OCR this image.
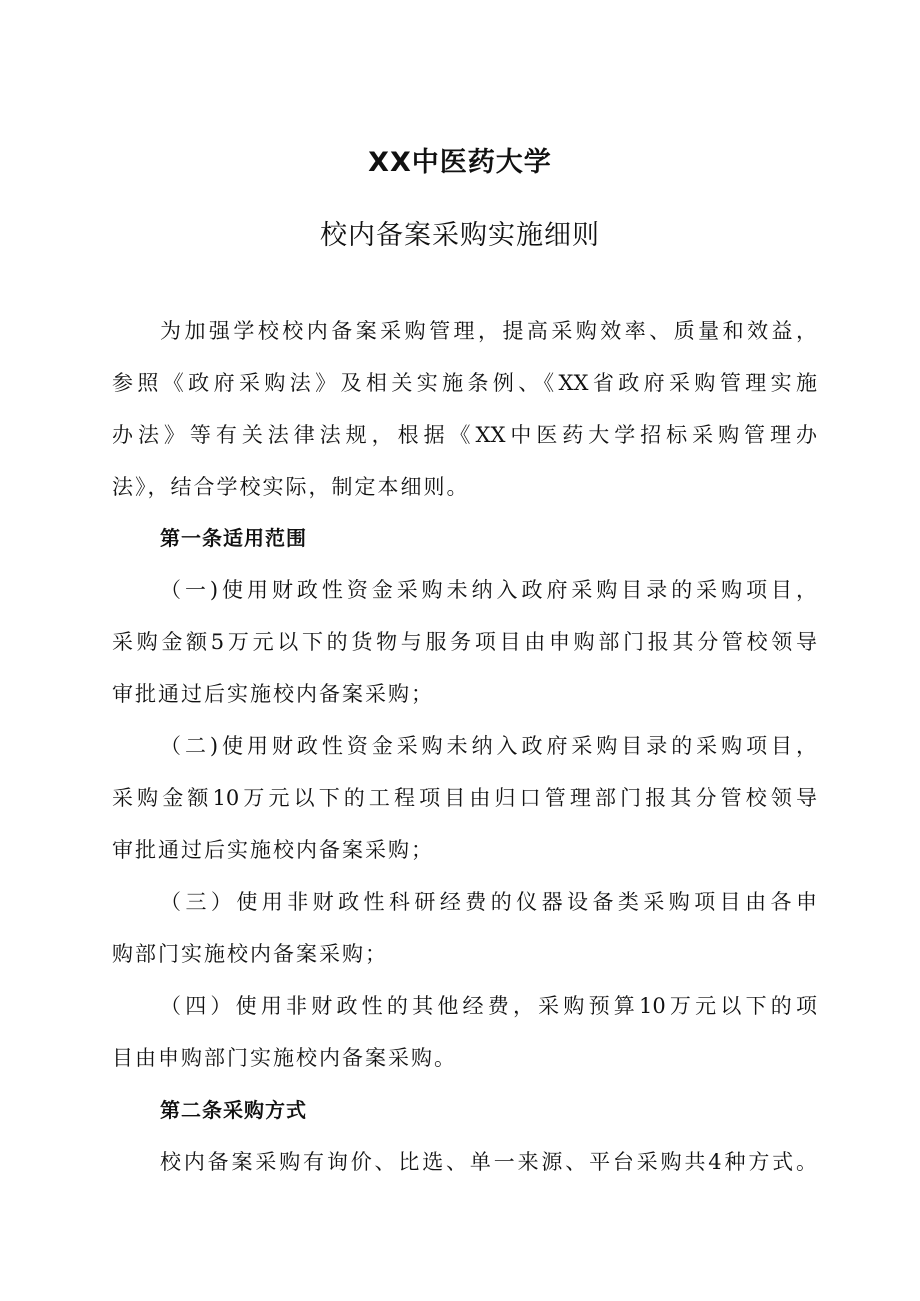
XX中医药大学
校内备案采购实施细则

为加强学校校内备案采购管理，提高采购效率、质量和效益，

参照《政府采购法》及相关实施条例、《XX省政府采购管理实施

办法》等有关法律法规，根据《XX中医药大学招标采购管理办

法》，结合学校实际，制定本细则。

第一条适用范围

（一)使用财政性资金采购未纳入政府采购目录的采购项目，

采购金额5万元以下的货物与服务项目由申购部门报其分管校领导

审批通过后实施校内备案采购；

（二)使用财政性资金采购未纳入政府采购目录的采购项目，

采购金额10万元以下的工程项目由归口管理部门报其分管校领导

审批通过后实施校内备案采购；

（三）使用非财政性科研经费的仪器设备类采购项目由各申

购部门实施校内备案采购；

（四）使用非财政性的其他经费，采购预算10万元以下的项

目由申购部门实施校内备案采购。

第二条采购方式

校内备案采购有询价、比选、单一来源、平台采购共4种方式。
